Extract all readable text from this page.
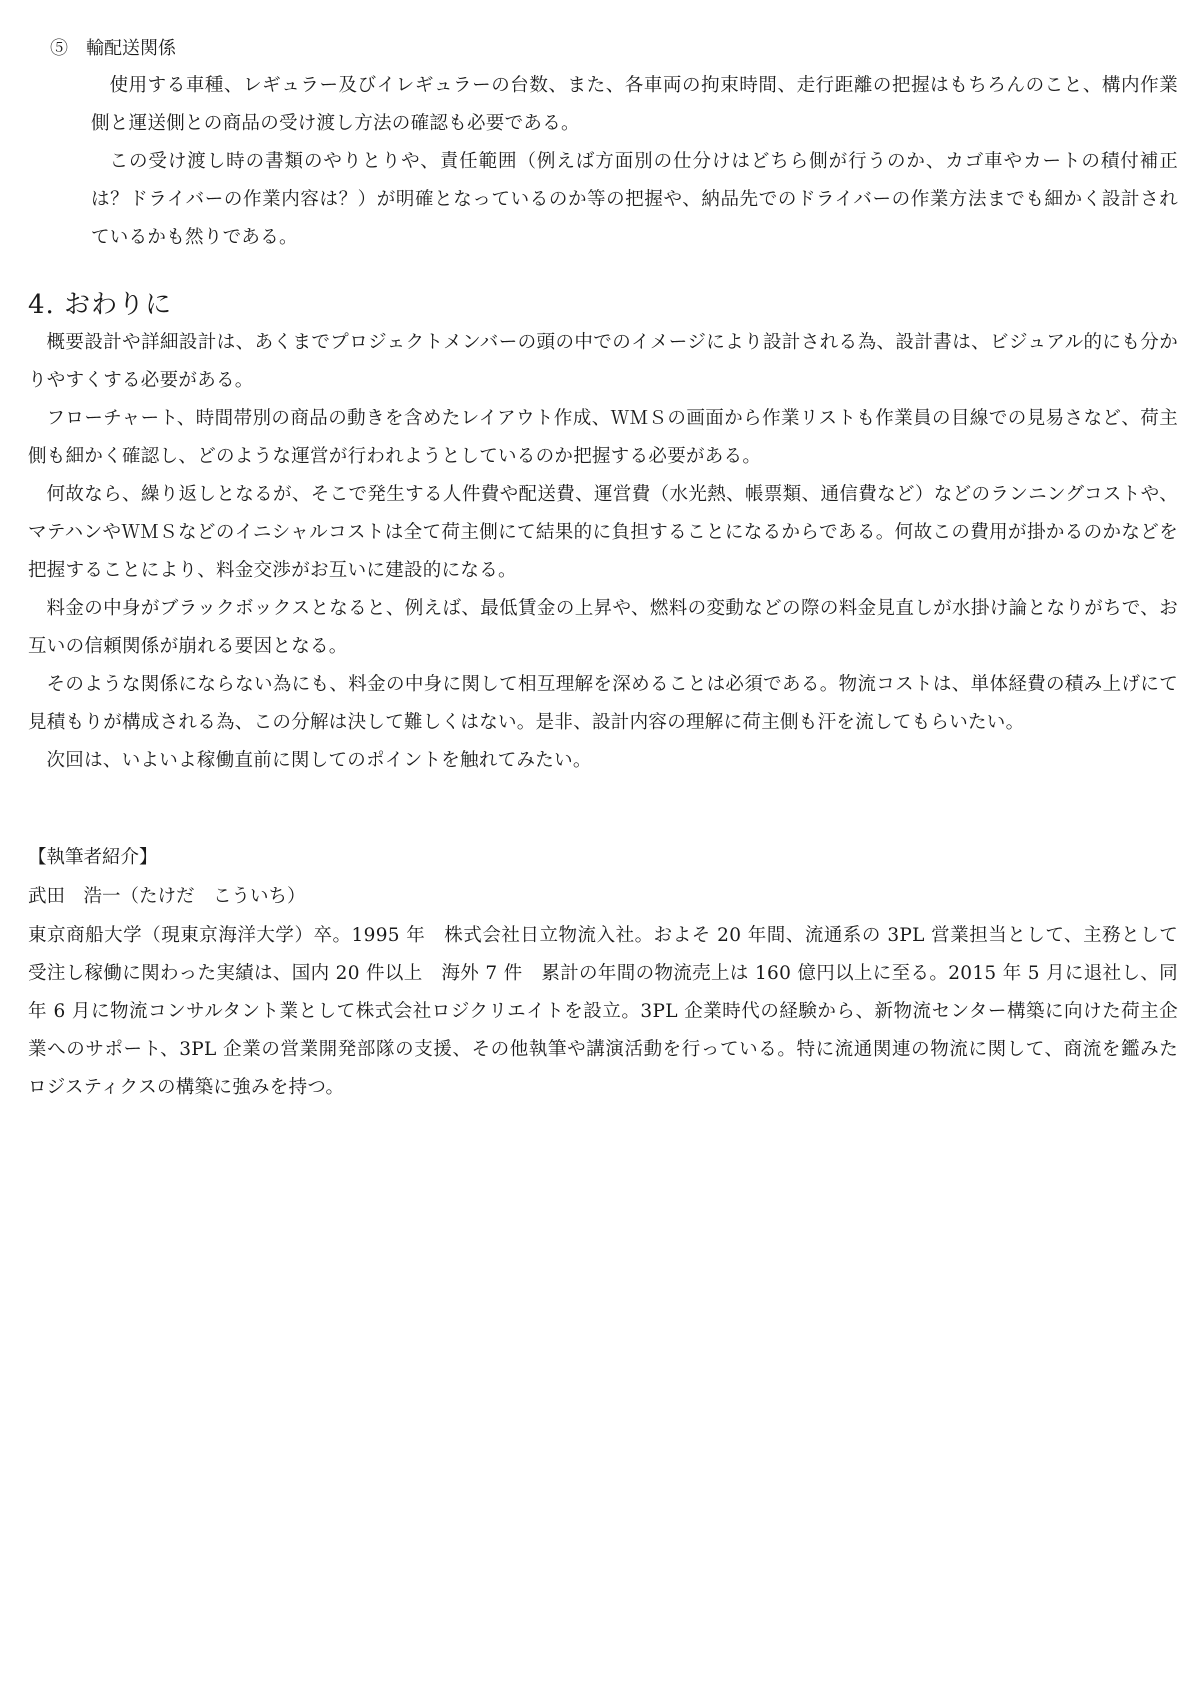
⑤　輸配送関係

使用する車種、レギュラー及びイレギュラーの台数、また、各車両の拘束時間、走行距離の把握はもちろんのこと、構内作業側と運送側との商品の受け渡し方法の確認も必要である。

この受け渡し時の書類のやりとりや、責任範囲（例えば方面別の仕分けはどちら側が行うのか、カゴ車やカートの積付補正は？ドライバーの作業内容は？）が明確となっているのか等の把握や、納品先でのドライバーの作業方法までも細かく設計されているかも然りである。

4. おわりに

概要設計や詳細設計は、あくまでプロジェクトメンバーの頭の中でのイメージにより設計される為、設計書は、ビジュアル的にも分かりやすくする必要がある。

フローチャート、時間帯別の商品の動きを含めたレイアウト作成、ＷＭＳの画面から作業リストも作業員の目線での見易さなど、荷主側も細かく確認し、どのような運営が行われようとしているのか把握する必要がある。

何故なら、繰り返しとなるが、そこで発生する人件費や配送費、運営費（水光熱、帳票類、通信費など）などのランニングコストや、マテハンやＷＭＳなどのイニシャルコストは全て荷主側にて結果的に負担することになるからである。何故この費用が掛かるのかなどを把握することにより、料金交渉がお互いに建設的になる。

料金の中身がブラックボックスとなると、例えば、最低賃金の上昇や、燃料の変動などの際の料金見直しが水掛け論となりがちで、お互いの信頼関係が崩れる要因となる。

そのような関係にならない為にも、料金の中身に関して相互理解を深めることは必須である。物流コストは、単体経費の積み上げにて見積もりが構成される為、この分解は決して難しくはない。是非、設計内容の理解に荷主側も汗を流してもらいたい。

次回は、いよいよ稼働直前に関してのポイントを触れてみたい。

【執筆者紹介】
武田　浩一（たけだ　こういち）

東京商船大学（現東京海洋大学）卒。1995 年　株式会社日立物流入社。およそ 20 年間、流通系の 3PL 営業担当として、主務として受注し稼働に関わった実績は、国内 20 件以上　海外 7 件　累計の年間の物流売上は 160 億円以上に至る。2015 年 5 月に退社し、同年 6 月に物流コンサルタント業として株式会社ロジクリエイトを設立。3PL 企業時代の経験から、新物流センター構築に向けた荷主企業へのサポート、3PL 企業の営業開発部隊の支援、その他執筆や講演活動を行っている。特に流通関連の物流に関して、商流を鑑みたロジスティクスの構築に強みを持つ。
